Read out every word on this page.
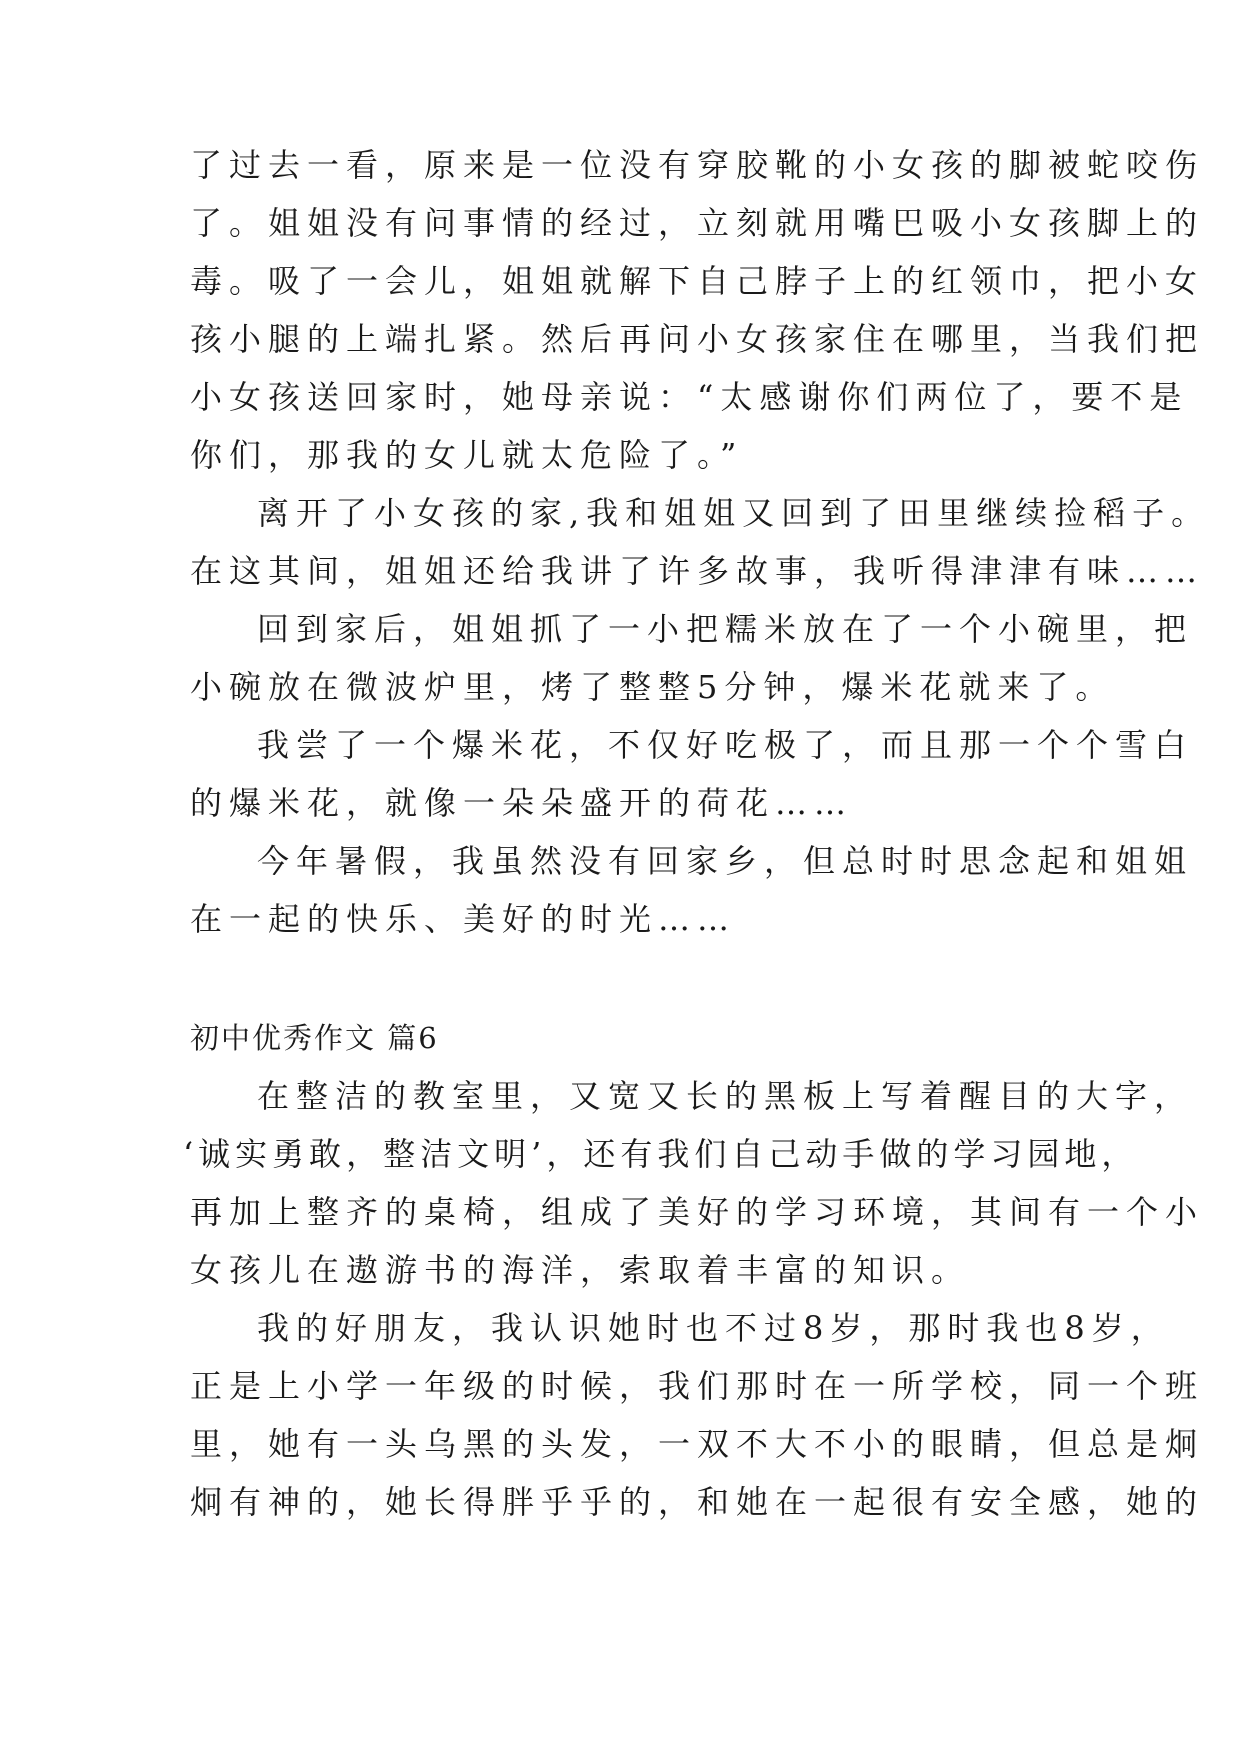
了过去一看，原来是一位没有穿胶靴的小女孩的脚被蛇咬伤

了。姐姐没有问事情的经过，立刻就用嘴巴吸小女孩脚上的

毒。吸了一会儿，姐姐就解下自己脖子上的红领巾，把小女

孩小腿的上端扎紧。然后再问小女孩家住在哪里，当我们把

小女孩送回家时，她母亲说：“太感谢你们两位了，要不是

你们，那我的女儿就太危险了。”

离开了小女孩的家,我和姐姐又回到了田里继续捡稻子。

在这其间，姐姐还给我讲了许多故事，我听得津津有味……

回到家后，姐姐抓了一小把糯米放在了一个小碗里，把

小碗放在微波炉里，烤了整整5分钟，爆米花就来了。

我尝了一个爆米花，不仅好吃极了，而且那一个个雪白

的爆米花，就像一朵朵盛开的荷花……

今年暑假，我虽然没有回家乡，但总时时思念起和姐姐

在一起的快乐、美好的时光……

初中优秀作文 篇6

在整洁的教室里，又宽又长的黑板上写着醒目的大字，

‘诚实勇敢，整洁文明’，还有我们自己动手做的学习园地，

再加上整齐的桌椅，组成了美好的学习环境，其间有一个小

女孩儿在遨游书的海洋，索取着丰富的知识。

我的好朋友，我认识她时也不过8岁，那时我也8岁，

正是上小学一年级的时候，我们那时在一所学校，同一个班

里，她有一头乌黑的头发，一双不大不小的眼睛，但总是炯

炯有神的，她长得胖乎乎的，和她在一起很有安全感，她的
